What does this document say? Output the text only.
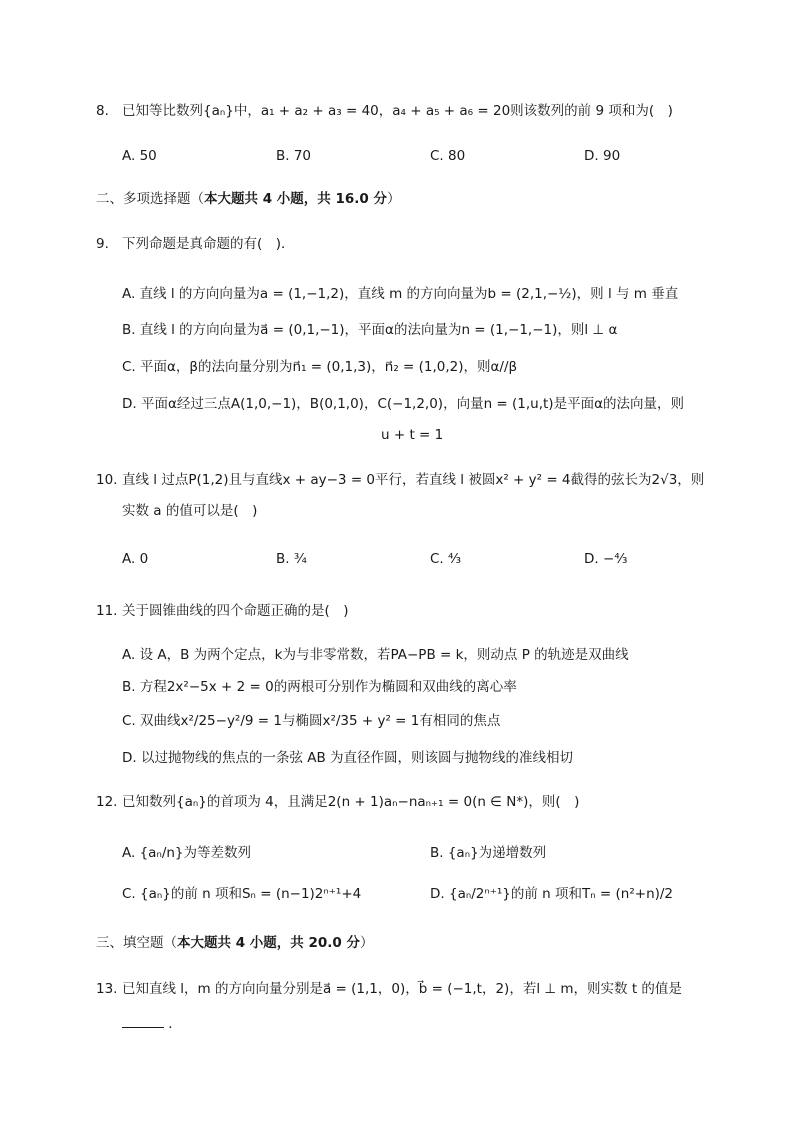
8. 已知等比数列{aₙ}中，a₁ + a₂ + a₃ = 40，a₄ + a₅ + a₆ = 20则该数列的前 9 项和为(　)
A. 50	B. 70	C. 80	D. 90
二、多项选择题（本大题共 4 小题，共 16.0 分）
9. 下列命题是真命题的有(　)．
A. 直线 l 的方向向量为a = (1,−1,2)，直线 m 的方向向量为b = (2,1,−½)，则 l 与 m 垂直
B. 直线 l 的方向向量为a⃗ = (0,1,−1)，平面α的法向量为n = (1,−1,−1)，则l ⊥ α
C. 平面α，β的法向量分别为n⃗₁ = (0,1,3)，n⃗₂ = (1,0,2)，则α//β
D. 平面α经过三点A(1,0,−1)，B(0,1,0)，C(−1,2,0)，向量n = (1,u,t)是平面α的法向量，则
u + t = 1
10. 直线 l 过点P(1,2)且与直线x + ay−3 = 0平行，若直线 l 被圆x² + y² = 4截得的弦长为2√3，则
实数 a 的值可以是(　)
A. 0	B. ¾	C. ⁴⁄₃	D. −⁴⁄₃
11. 关于圆锥曲线的四个命题正确的是(　)
A. 设 A，B 为两个定点，k为与非零常数，若PA−PB = k，则动点 P 的轨迹是双曲线
B. 方程2x²−5x + 2 = 0的两根可分别作为椭圆和双曲线的离心率
C. 双曲线x²/25−y²/9 = 1与椭圆x²/35 + y² = 1有相同的焦点
D. 以过抛物线的焦点的一条弦 AB 为直径作圆，则该圆与抛物线的准线相切
12. 已知数列{aₙ}的首项为 4，且满足2(n + 1)aₙ−naₙ₊₁ = 0(n ∈ N*)，则(　)
A. {aₙ/n}为等差数列	B. {aₙ}为递增数列
C. {aₙ}的前 n 项和Sₙ = (n−1)2ⁿ⁺¹+4	D. {aₙ/2ⁿ⁺¹}的前 n 项和Tₙ = (n²+n)/2
三、填空题（本大题共 4 小题，共 20.0 分）
13. 已知直线 l，m 的方向向量分别是a⃗ = (1,1，0)，b⃗ = (−1,t，2)，若l ⊥ m，则实数 t 的值是
．
